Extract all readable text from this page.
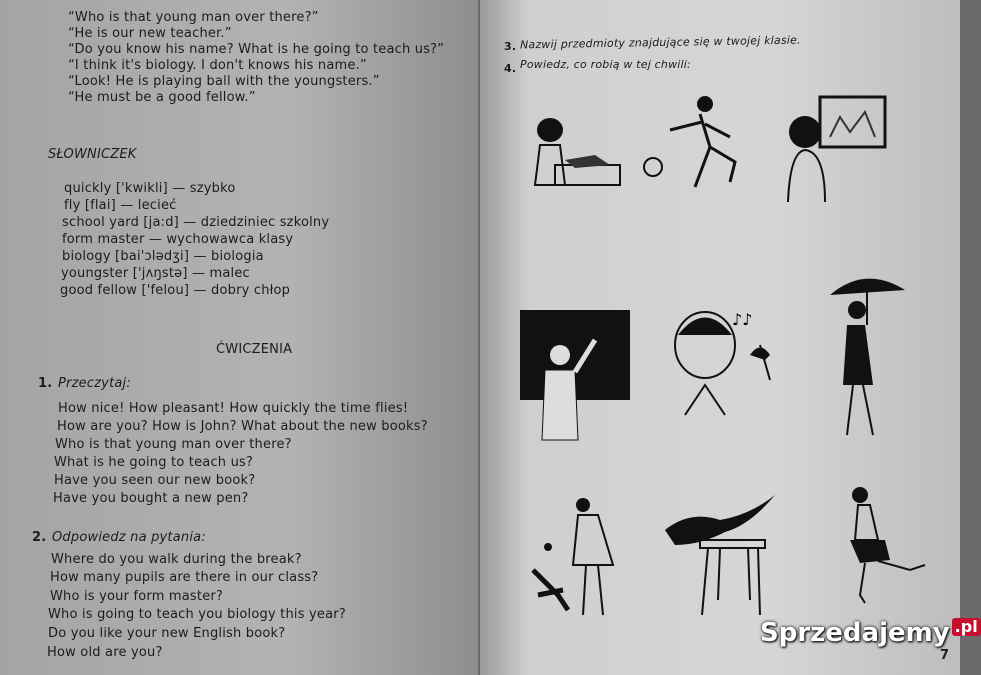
“Who is that young man over there?”
“He is our new teacher.”
“Do you know his name? What is he going to teach us?”
“I think it's biology. I don't knows his name.”
“Look! He is playing ball with the youngsters.”
“He must be a good fellow.”
SŁOWNICZEK
quickly ['kwikli] — szybko
fly [flai] — lecieć
school yard [ja:d] — dziedziniec szkolny
form master — wychowawca klasy
biology [bai'ɔlədʒi] — biologia
youngster ['jʌŋstə] — malec
good fellow ['felou] — dobry chłop
ĆWICZENIA
1. Przeczytaj:
How nice! How pleasant! How quickly the time flies!
How are you? How is John? What about the new books?
Who is that young man over there?
What is he going to teach us?
Have you seen our new book?
Have you bought a new pen?
2. Odpowiedz na pytania:
Where do you walk during the break?
How many pupils are there in our class?
Who is your form master?
Who is going to teach you biology this year?
Do you like your new English book?
How old are you?
3. Nazwij przedmioty znajdujące się w twojej klasie.
4. Powiedz, co robią w tej chwili:
♪♪
Sprzedajemy .pl
7
